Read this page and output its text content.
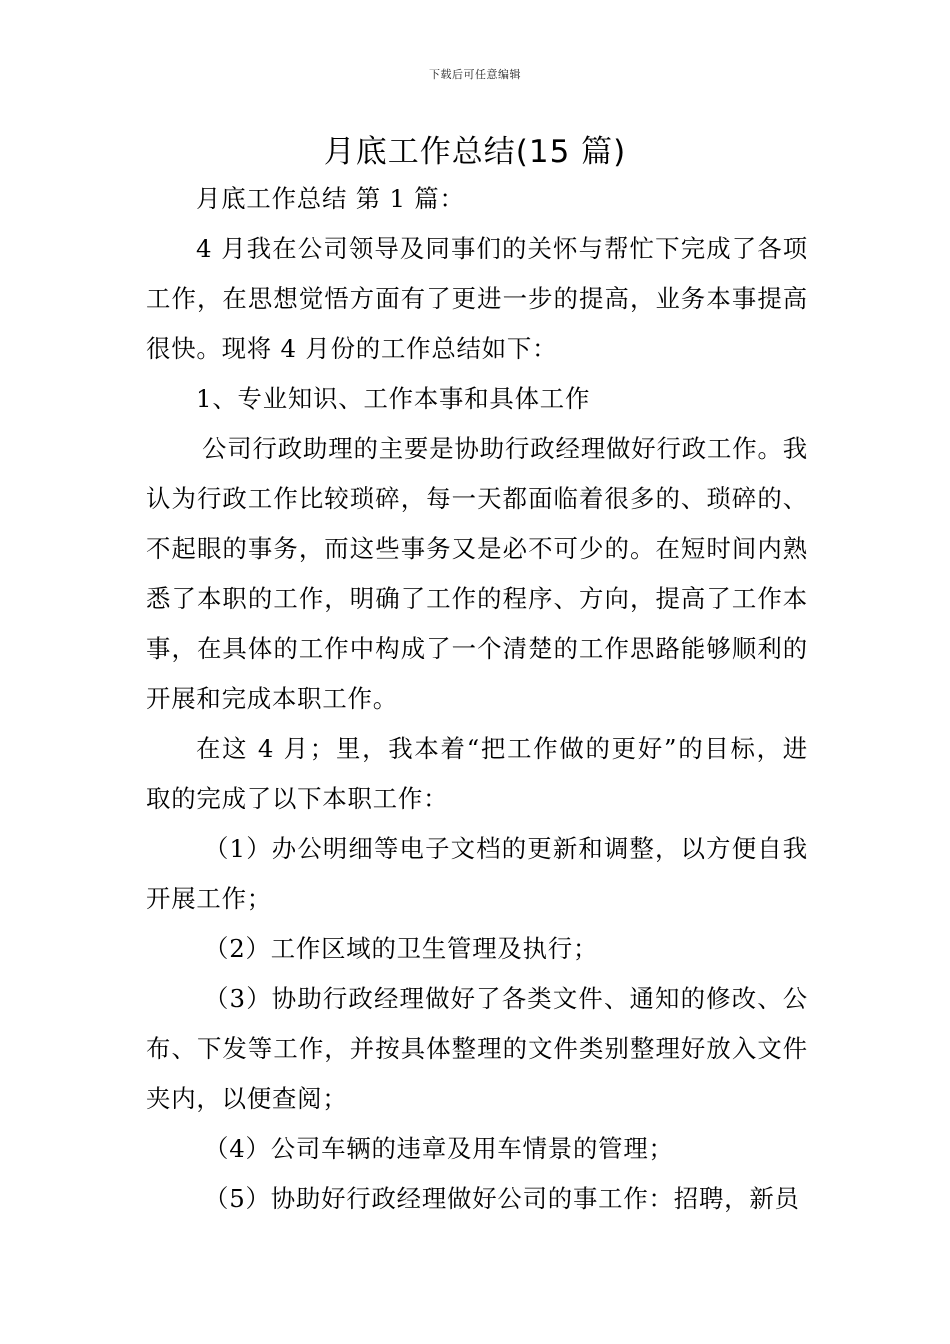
下载后可任意编辑
月底工作总结(15 篇)

月底工作总结 第 1 篇：

4 月我在公司领导及同事们的关怀与帮忙下完成了各项工作，在思想觉悟方面有了更进一步的提高，业务本事提高很快。现将 4 月份的工作总结如下：

1、专业知识、工作本事和具体工作

公司行政助理的主要是协助行政经理做好行政工作。我认为行政工作比较琐碎，每一天都面临着很多的、琐碎的、不起眼的事务，而这些事务又是必不可少的。在短时间内熟悉了本职的工作，明确了工作的程序、方向，提高了工作本事，在具体的工作中构成了一个清楚的工作思路能够顺利的开展和完成本职工作。

在这 4 月；里，我本着“把工作做的更好”的目标，进取的完成了以下本职工作：

（1）办公明细等电子文档的更新和调整，以方便自我开展工作；

（2）工作区域的卫生管理及执行；

（3）协助行政经理做好了各类文件、通知的修改、公布、下发等工作，并按具体整理的文件类别整理好放入文件夹内，以便查阅；

（4）公司车辆的违章及用车情景的管理；

（5）协助好行政经理做好公司的事工作：招聘，新员
